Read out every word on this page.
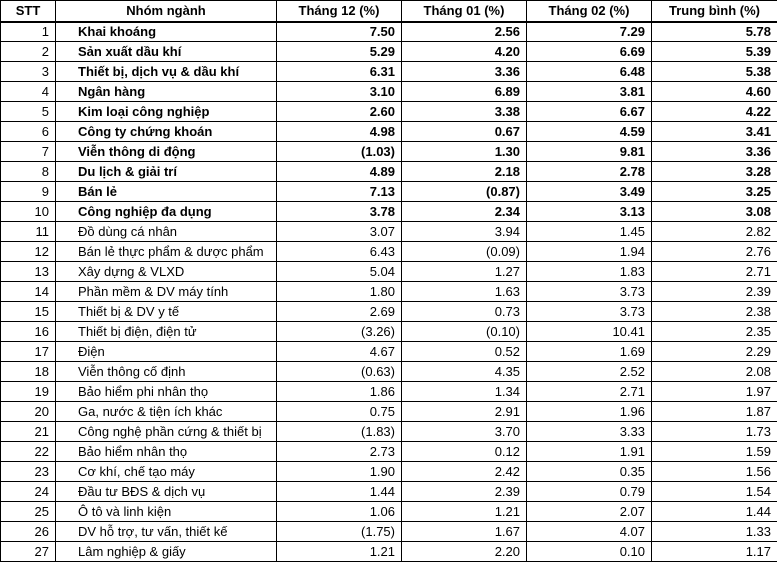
STT	Nhóm ngành	Tháng 12 (%)	Tháng 01 (%)	Tháng 02 (%)	Trung bình (%)
1	Khai khoáng	7.50	2.56	7.29	5.78
2	Sản xuất dầu khí	5.29	4.20	6.69	5.39
3	Thiết bị, dịch vụ & dầu khí	6.31	3.36	6.48	5.38
4	Ngân hàng	3.10	6.89	3.81	4.60
5	Kim loại công nghiệp	2.60	3.38	6.67	4.22
6	Công ty chứng khoán	4.98	0.67	4.59	3.41
7	Viễn thông di động	(1.03)	1.30	9.81	3.36
8	Du lịch & giải trí	4.89	2.18	2.78	3.28
9	Bán lẻ	7.13	(0.87)	3.49	3.25
10	Công nghiệp đa dụng	3.78	2.34	3.13	3.08
11	Đồ dùng cá nhân	3.07	3.94	1.45	2.82
12	Bán lẻ thực phẩm & dược phẩm	6.43	(0.09)	1.94	2.76
13	Xây dựng & VLXD	5.04	1.27	1.83	2.71
14	Phần mềm & DV máy tính	1.80	1.63	3.73	2.39
15	Thiết bị & DV y tế	2.69	0.73	3.73	2.38
16	Thiết bị điện, điện tử	(3.26)	(0.10)	10.41	2.35
17	Điện	4.67	0.52	1.69	2.29
18	Viễn thông cố định	(0.63)	4.35	2.52	2.08
19	Bảo hiểm phi nhân thọ	1.86	1.34	2.71	1.97
20	Ga, nước & tiện ích khác	0.75	2.91	1.96	1.87
21	Công nghệ phần cứng & thiết bị	(1.83)	3.70	3.33	1.73
22	Bảo hiểm nhân thọ	2.73	0.12	1.91	1.59
23	Cơ khí, chế tạo máy	1.90	2.42	0.35	1.56
24	Đầu tư BĐS & dịch vụ	1.44	2.39	0.79	1.54
25	Ô tô và linh kiện	1.06	1.21	2.07	1.44
26	DV hỗ trợ, tư vấn, thiết kế	(1.75)	1.67	4.07	1.33
27	Lâm nghiệp & giấy	1.21	2.20	0.10	1.17
